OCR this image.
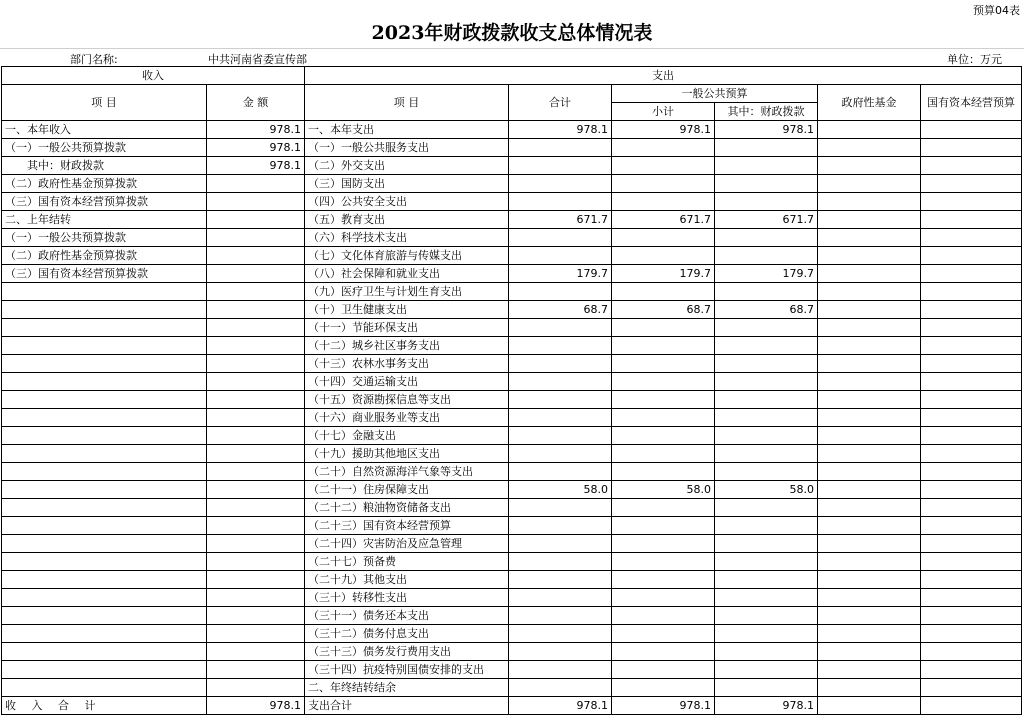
预算04表
2023年财政拨款收支总体情况表
部门名称:	中共河南省委宣传部	单位：万元
收入		支出					
项 目	金 额	项 目	合计	一般公共预算		政府性基金	国有资本经营预算
				小计	其中：财政拨款		
一、本年收入	978.1	一、本年支出	978.1	978.1	978.1		
（一）一般公共预算拨款	978.1	（一）一般公共服务支出					
　　其中：财政拨款	978.1	（二）外交支出					
（二）政府性基金预算拨款		（三）国防支出					
（三）国有资本经营预算拨款		（四）公共安全支出					
二、上年结转		（五）教育支出	671.7	671.7	671.7		
（一）一般公共预算拨款		（六）科学技术支出					
（二）政府性基金预算拨款		（七）文化体育旅游与传媒支出					
（三）国有资本经营预算拨款		（八）社会保障和就业支出	179.7	179.7	179.7		
		（九）医疗卫生与计划生育支出					
		（十）卫生健康支出	68.7	68.7	68.7		
		（十一）节能环保支出					
		（十二）城乡社区事务支出					
		（十三）农林水事务支出					
		（十四）交通运输支出					
		（十五）资源勘探信息等支出					
		（十六）商业服务业等支出					
		（十七）金融支出					
		（十九）援助其他地区支出					
		（二十）自然资源海洋气象等支出					
		（二十一）住房保障支出	58.0	58.0	58.0		
		（二十二）粮油物资储备支出					
		（二十三）国有资本经营预算					
		（二十四）灾害防治及应急管理					
		（二十七）预备费					
		（二十九）其他支出					
		（三十）转移性支出					
		（三十一）债务还本支出					
		（三十二）债务付息支出					
		（三十三）债务发行费用支出					
		（三十四）抗疫特别国债安排的支出					
		二、年终结转结余					
收 入 合 计	978.1	支出合计	978.1	978.1	978.1		
